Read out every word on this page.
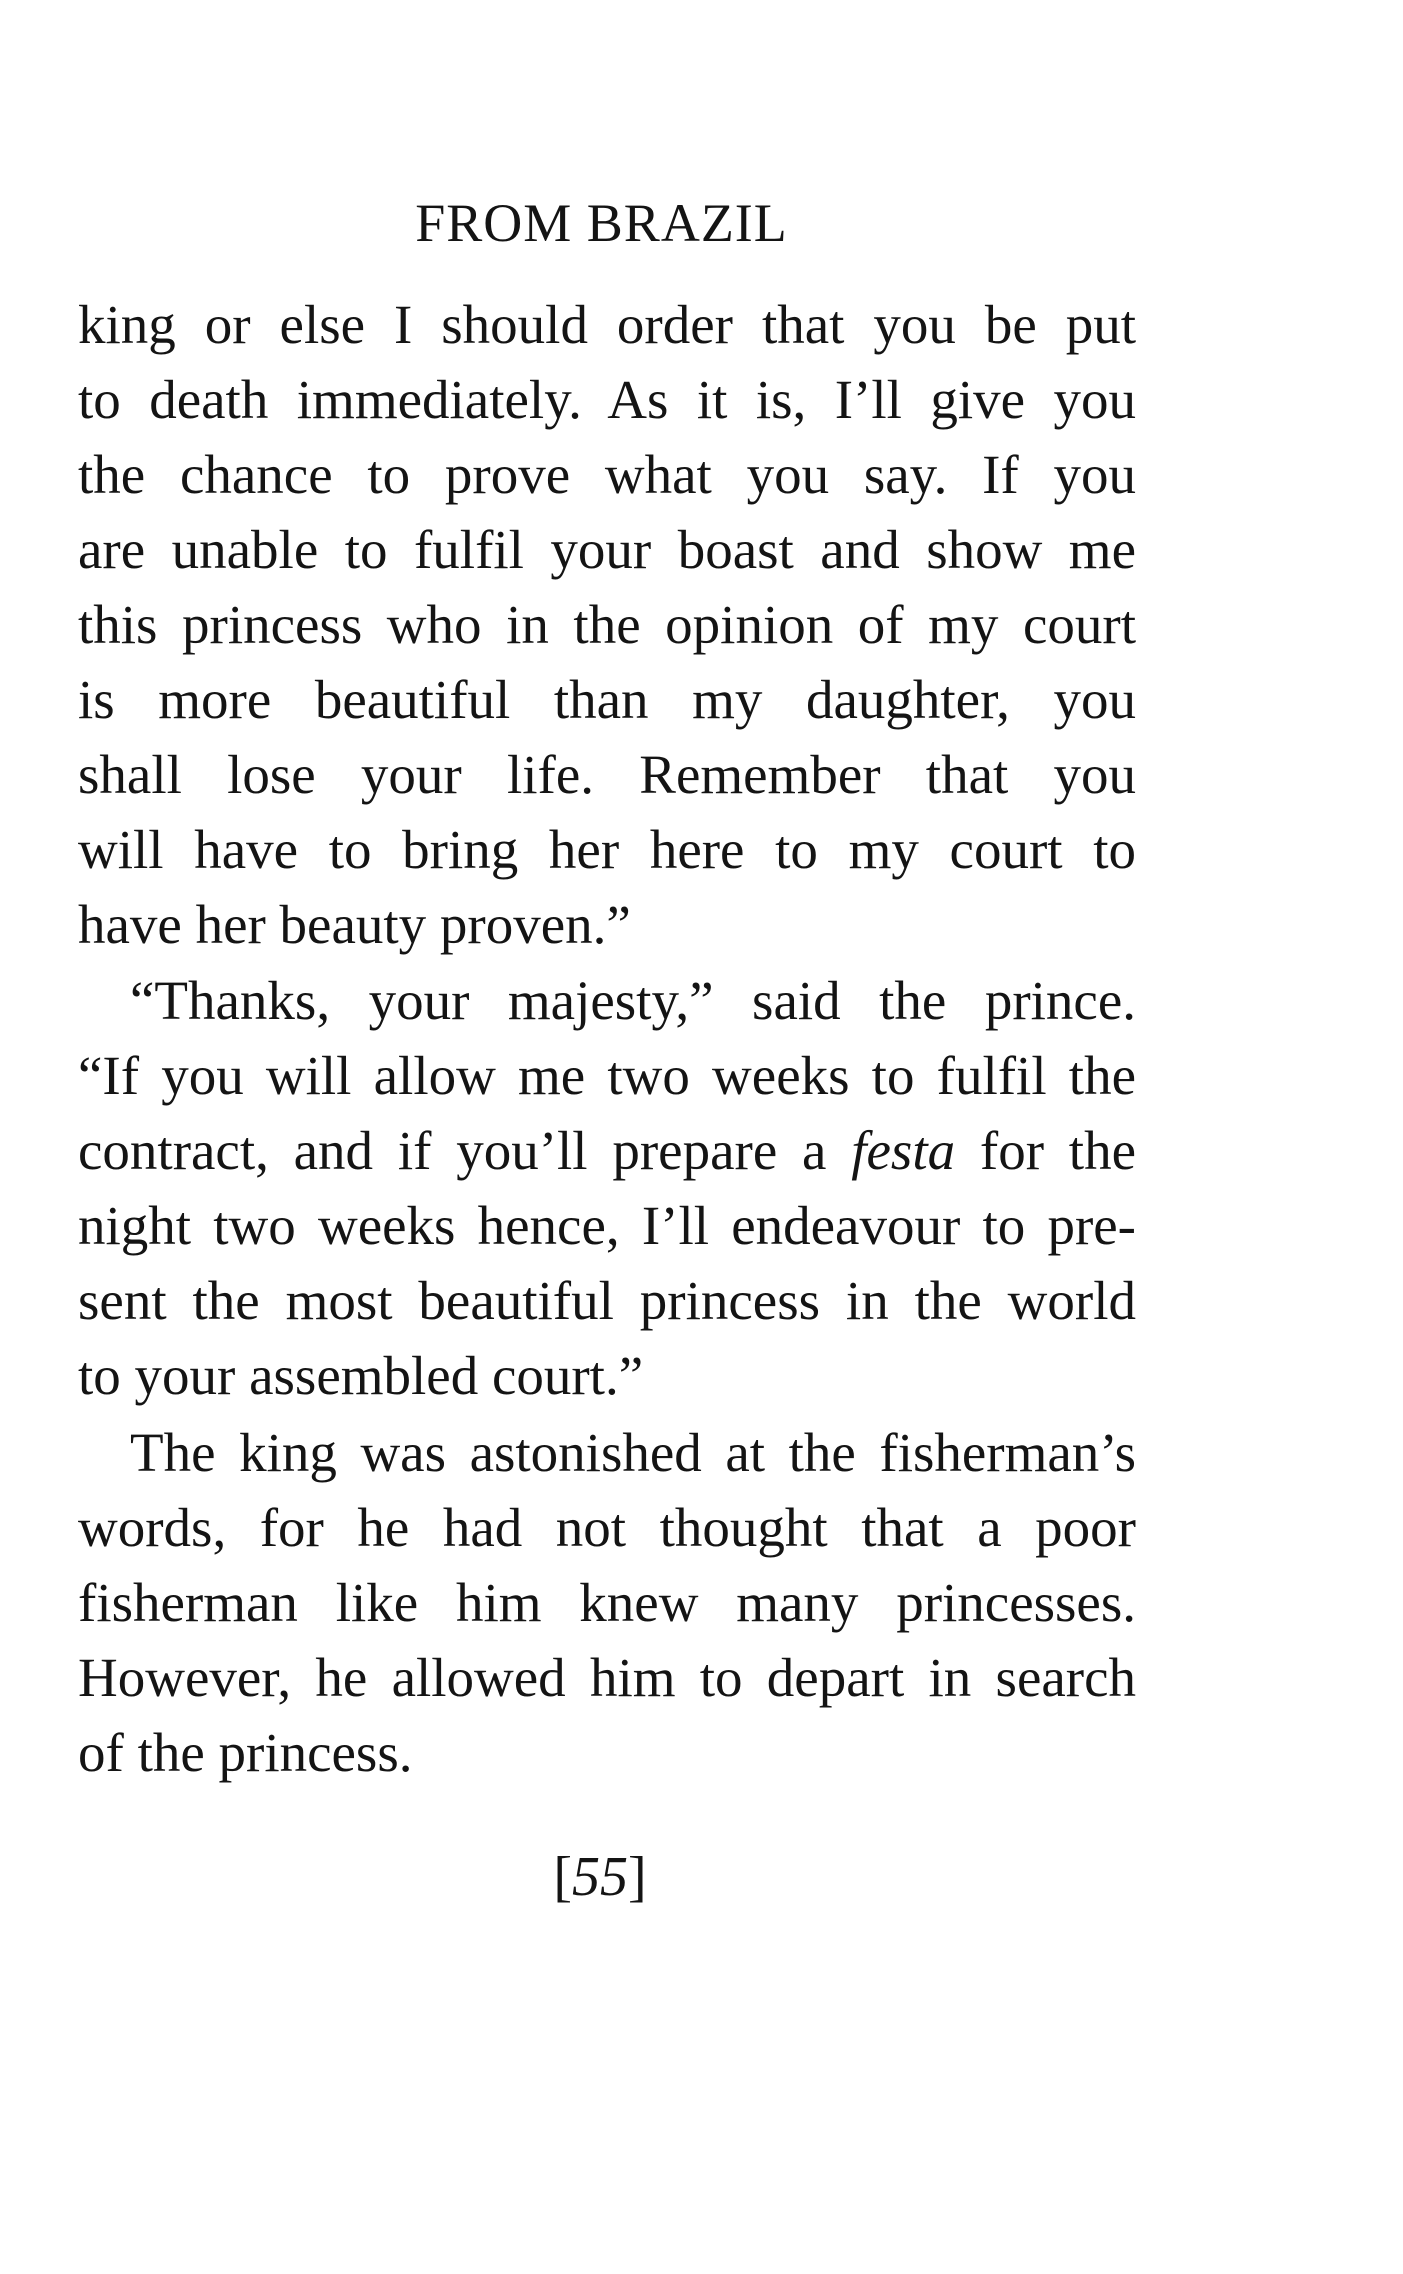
FROM BRAZIL
king or else I should order that you be put
to death immediately. As it is, I’ll give you
the chance to prove what you say. If you
are unable to fulfil your boast and show me
this princess who in the opinion of my court
is more beautiful than my daughter, you
shall lose your life. Remember that you
will have to bring her here to my court to
have her beauty proven.”
“Thanks, your majesty,” said the prince.
“If you will allow me two weeks to fulfil the
contract, and if you’ll prepare a festa for the
night two weeks hence, I’ll endeavour to pre-
sent the most beautiful princess in the world
to your assembled court.”
The king was astonished at the fisherman’s
words, for he had not thought that a poor
fisherman like him knew many princesses.
However, he allowed him to depart in search
of the princess.
[55]
